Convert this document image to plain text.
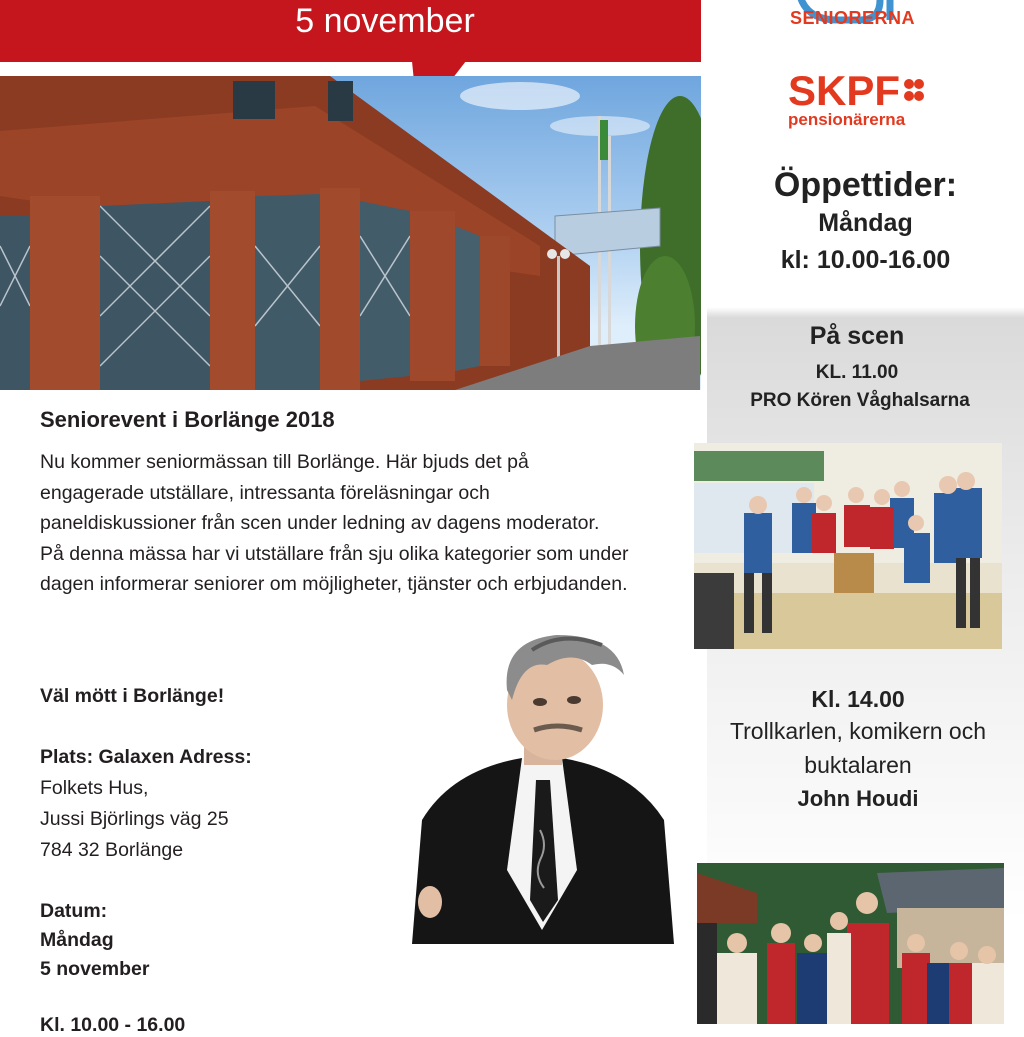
5 november	SENIORERNA
SKPF
pensionärerna
Öppettider:
Måndag
kl: 10.00-16.00
På scen
KL. 11.00
PRO Kören Våghalsarna
Kl. 14.00
Trollkarlen, komikern och
buktalaren
John Houdi
Seniorevent i Borlänge 2018

Nu kommer seniormässan till Borlänge. Här bjuds det på engagerade utställare, intressanta föreläsningar och paneldiskussioner från scen under ledning av dagens moderator.

På denna mässa har vi utställare från sju olika kategorier som under dagen informerar seniorer om möjligheter, tjänster och erbjudanden.

Väl mött i Borlänge!
Plats: Galaxen Adress:
Folkets Hus,
Jussi Björlings väg 25
784 32 Borlänge
Datum:
Måndag
5 november
Kl. 10.00 - 16.00
